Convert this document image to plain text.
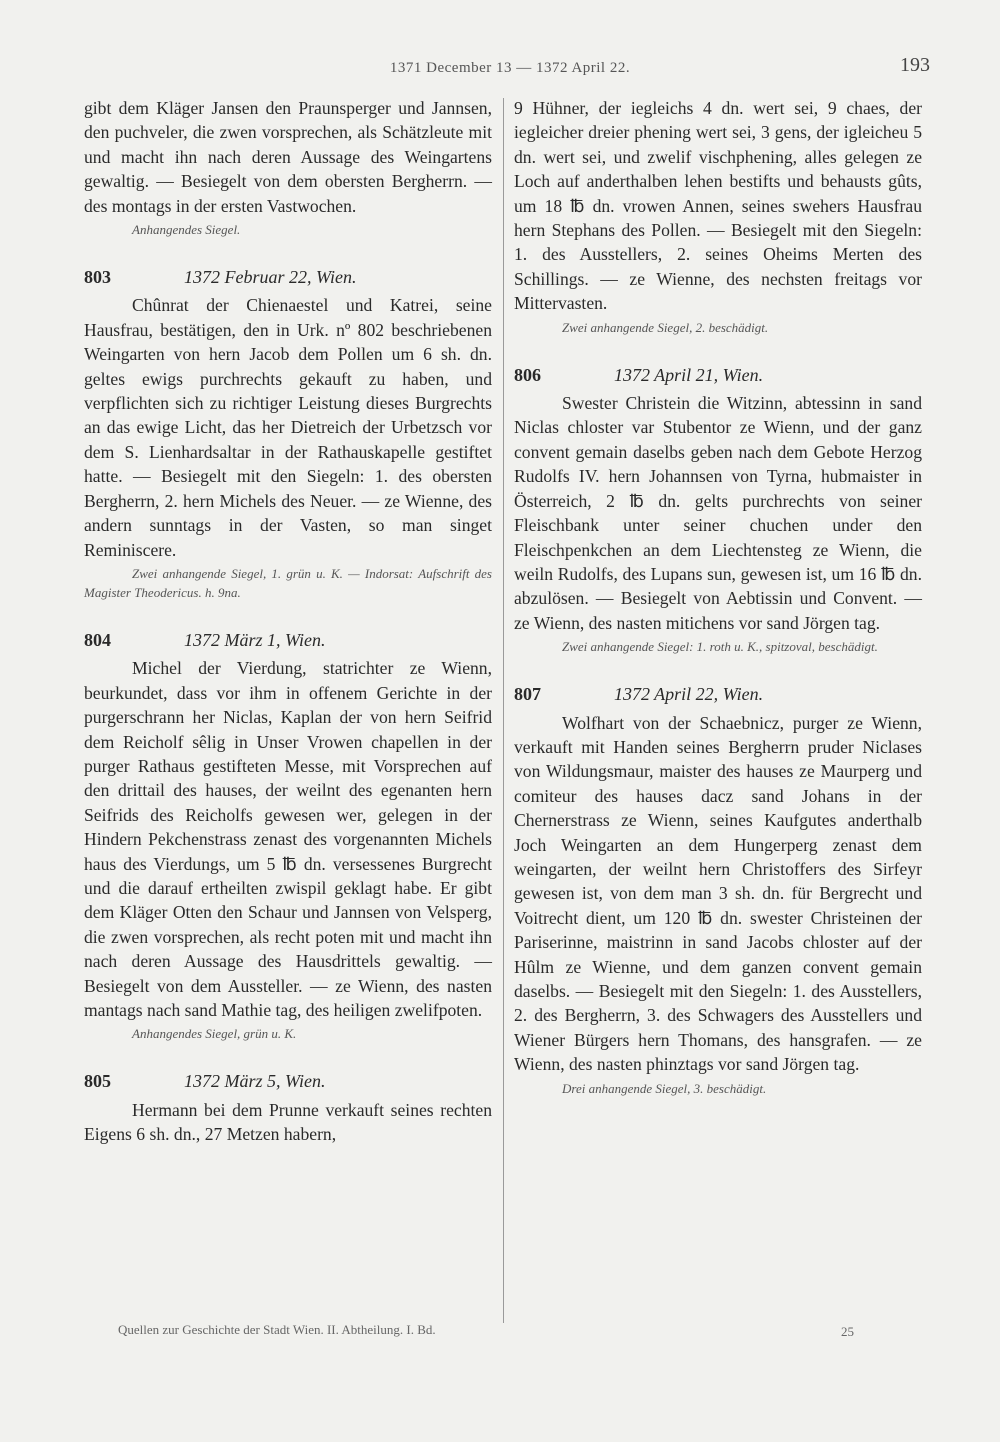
1371 December 13 — 1372 April 22.	193

gibt dem Kläger Jansen den Praunsperger und Jannsen, den puchveler, die zwen vorsprechen, als Schätzleute mit und macht ihn nach deren Aussage des Weingartens gewaltig. — Besiegelt von dem obersten Bergherrn. — des montags in der ersten Vastwochen.

Anhangendes Siegel.
803	1372 Februar 22, Wien.

Chûnrat der Chienaestel und Katrei, seine Hausfrau, bestätigen, den in Urk. nº 802 beschriebenen Weingarten von hern Jacob dem Pollen um 6 sh. dn. geltes ewigs purchrechts gekauft zu haben, und verpflichten sich zu richtiger Leistung dieses Burgrechts an das ewige Licht, das her Dietreich der Urbetzsch vor dem S. Lienhardsaltar in der Rathauskapelle gestiftet hatte. — Besiegelt mit den Siegeln: 1. des obersten Bergherrn, 2. hern Michels des Neuer. — ze Wienne, des andern sunntags in der Vasten, so man singet Reminiscere.

Zwei anhangende Siegel, 1. grün u. K. — Indorsat: Aufschrift des Magister Theodericus. h. 9na.
804	1372 März 1, Wien.

Michel der Vierdung, statrichter ze Wienn, beurkundet, dass vor ihm in offenem Gerichte in der purgerschrann her Niclas, Kaplan der von hern Seifrid dem Reicholf sêlig in Unser Vrowen chapellen in der purger Rathaus gestifteten Messe, mit Vorsprechen auf den drittail des hauses, der weilnt des egenanten hern Seifrids des Reicholfs gewesen wer, gelegen in der Hindern Pekchenstrass zenast des vorgenannten Michels haus des Vierdungs, um 5 ℔ dn. versessenes Burgrecht und die darauf ertheilten zwispil geklagt habe. Er gibt dem Kläger Otten den Schaur und Jannsen von Velsperg, die zwen vorsprechen, als recht poten mit und macht ihn nach deren Aussage des Hausdrittels gewaltig. — Besiegelt von dem Aussteller. — ze Wienn, des nasten mantags nach sand Mathie tag, des heiligen zwelifpoten.

Anhangendes Siegel, grün u. K.
805	1372 März 5, Wien.

Hermann bei dem Prunne verkauft seines rechten Eigens 6 sh. dn., 27 Metzen habern,

9 Hühner, der iegleichs 4 dn. wert sei, 9 chaes, der iegleicher dreier phening wert sei, 3 gens, der igleicheu 5 dn. wert sei, und zwelif vischphening, alles gelegen ze Loch auf anderthalben lehen bestifts und behausts gûts, um 18 ℔ dn. vrowen Annen, seines swehers Hausfrau hern Stephans des Pollen. — Besiegelt mit den Siegeln: 1. des Ausstellers, 2. seines Oheims Merten des Schillings. — ze Wienne, des nechsten freitags vor Mittervasten.

Zwei anhangende Siegel, 2. beschädigt.
806	1372 April 21, Wien.

Swester Christein die Witzinn, abtessinn in sand Niclas chloster var Stubentor ze Wienn, und der ganz convent gemain daselbs geben nach dem Gebote Herzog Rudolfs IV. hern Johannsen von Tyrna, hubmaister in Österreich, 2 ℔ dn. gelts purchrechts von seiner Fleischbank unter seiner chuchen under den Fleischpenkchen an dem Liechtensteg ze Wienn, die weiln Rudolfs, des Lupans sun, gewesen ist, um 16 ℔ dn. abzulösen. — Besiegelt von Aebtissin und Convent. — ze Wienn, des nasten mitichens vor sand Jörgen tag.

Zwei anhangende Siegel: 1. roth u. K., spitzoval, beschädigt.
807	1372 April 22, Wien.

Wolfhart von der Schaebnicz, purger ze Wienn, verkauft mit Handen seines Bergherrn pruder Niclases von Wildungsmaur, maister des hauses ze Maurperg und comiteur des hauses dacz sand Johans in der Chernerstrass ze Wienn, seines Kaufgutes anderthalb Joch Weingarten an dem Hungerperg zenast dem weingarten, der weilnt hern Christoffers des Sirfeyr gewesen ist, von dem man 3 sh. dn. für Bergrecht und Voitrecht dient, um 120 ℔ dn. swester Christeinen der Pariserinne, maistrinn in sand Jacobs chloster auf der Hûlm ze Wienne, und dem ganzen convent gemain daselbs. — Besiegelt mit den Siegeln: 1. des Ausstellers, 2. des Bergherrn, 3. des Schwagers des Ausstellers und Wiener Bürgers hern Thomans, des hansgrafen. — ze Wienn, des nasten phinztags vor sand Jörgen tag.

Drei anhangende Siegel, 3. beschädigt.
Quellen zur Geschichte der Stadt Wien. II. Abtheilung. I. Bd.	25
